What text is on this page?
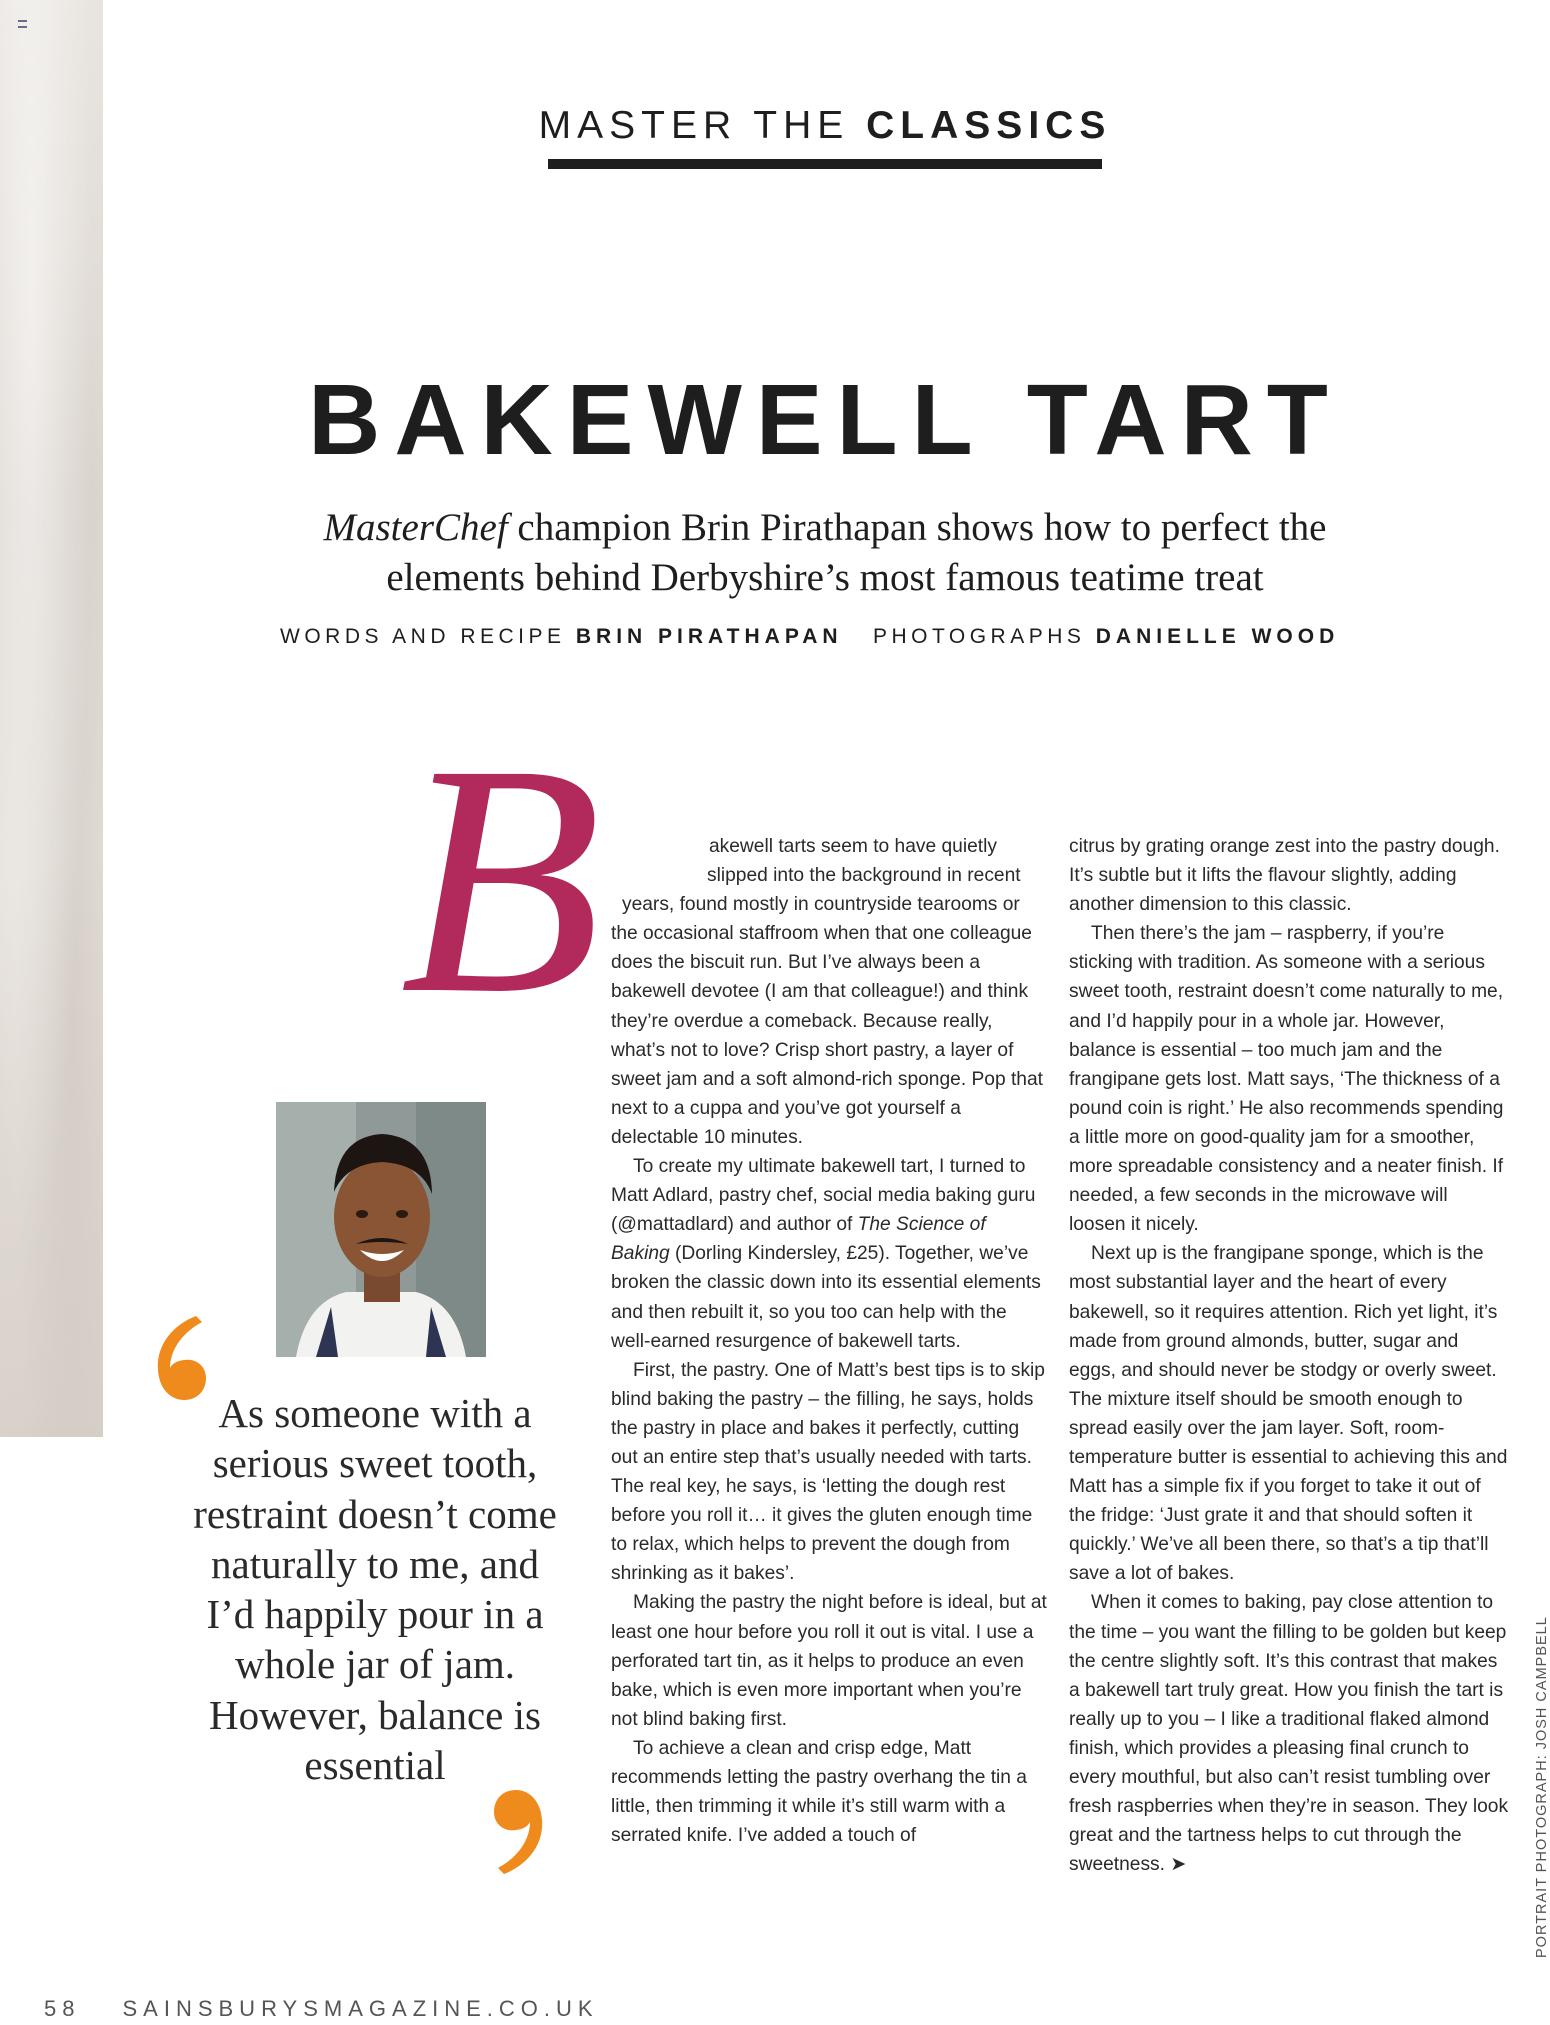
MASTER THE CLASSICS
BAKEWELL TART
MasterChef champion Brin Pirathapan shows how to perfect the
elements behind Derbyshire’s most famous teatime treat
WORDS AND RECIPE BRIN PIRATHAPAN PHOTOGRAPHS DANIELLE WOOD
B
As someone with a serious sweet tooth, restraint doesn’t come naturally to me, and I’d happily pour in a whole jar of jam. However, balance is essential

akewell tarts seem to have quietly slipped into the background in recent years, found mostly in countryside tearooms or the occasional staffroom when that one colleague does the biscuit run. But I’ve always been a bakewell devotee (I am that colleague!) and think they’re overdue a comeback. Because really, what’s not to love? Crisp short pastry, a layer of sweet jam and a soft almond-rich sponge. Pop that next to a cuppa and you’ve got yourself a delectable 10 minutes.

To create my ultimate bakewell tart, I turned to Matt Adlard, pastry chef, social media baking guru (@mattadlard) and author of The Science of Baking (Dorling Kindersley, £25). Together, we’ve broken the classic down into its essential elements and then rebuilt it, so you too can help with the well-earned resurgence of bakewell tarts.

First, the pastry. One of Matt’s best tips is to skip blind baking the pastry – the filling, he says, holds the pastry in place and bakes it perfectly, cutting out an entire step that’s usually needed with tarts. The real key, he says, is ‘letting the dough rest before you roll it… it gives the gluten enough time to relax, which helps to prevent the dough from shrinking as it bakes’.

Making the pastry the night before is ideal, but at least one hour before you roll it out is vital. I use a perforated tart tin, as it helps to produce an even bake, which is even more important when you’re not blind baking first.

To achieve a clean and crisp edge, Matt recommends letting the pastry overhang the tin a little, then trimming it while it’s still warm with a serrated knife. I’ve added a touch of

citrus by grating orange zest into the pastry dough. It’s subtle but it lifts the flavour slightly, adding another dimension to this classic.

Then there’s the jam – raspberry, if you’re sticking with tradition. As someone with a serious sweet tooth, restraint doesn’t come naturally to me, and I’d happily pour in a whole jar. However, balance is essential – too much jam and the frangipane gets lost. Matt says, ‘The thickness of a pound coin is right.’ He also recommends spending a little more on good-quality jam for a smoother, more spreadable consistency and a neater finish. If needed, a few seconds in the microwave will loosen it nicely.

Next up is the frangipane sponge, which is the most substantial layer and the heart of every bakewell, so it requires attention. Rich yet light, it’s made from ground almonds, butter, sugar and eggs, and should never be stodgy or overly sweet. The mixture itself should be smooth enough to spread easily over the jam layer. Soft, room-temperature butter is essential to achieving this and Matt has a simple fix if you forget to take it out of the fridge: ‘Just grate it and that should soften it quickly.’ We’ve all been there, so that’s a tip that’ll save a lot of bakes.

When it comes to baking, pay close attention to the time – you want the filling to be golden but keep the centre slightly soft. It’s this contrast that makes a bakewell tart truly great. How you finish the tart is really up to you – I like a traditional flaked almond finish, which provides a pleasing final crunch to every mouthful, but also can’t resist tumbling over fresh raspberries when they’re in season. They look great and the tartness helps to cut through the sweetness. ➤	PORTRAIT PHOTOGRAPH: JOSH CAMPBELL
58 SAINSBURYSMAGAZINE.CO.UK
